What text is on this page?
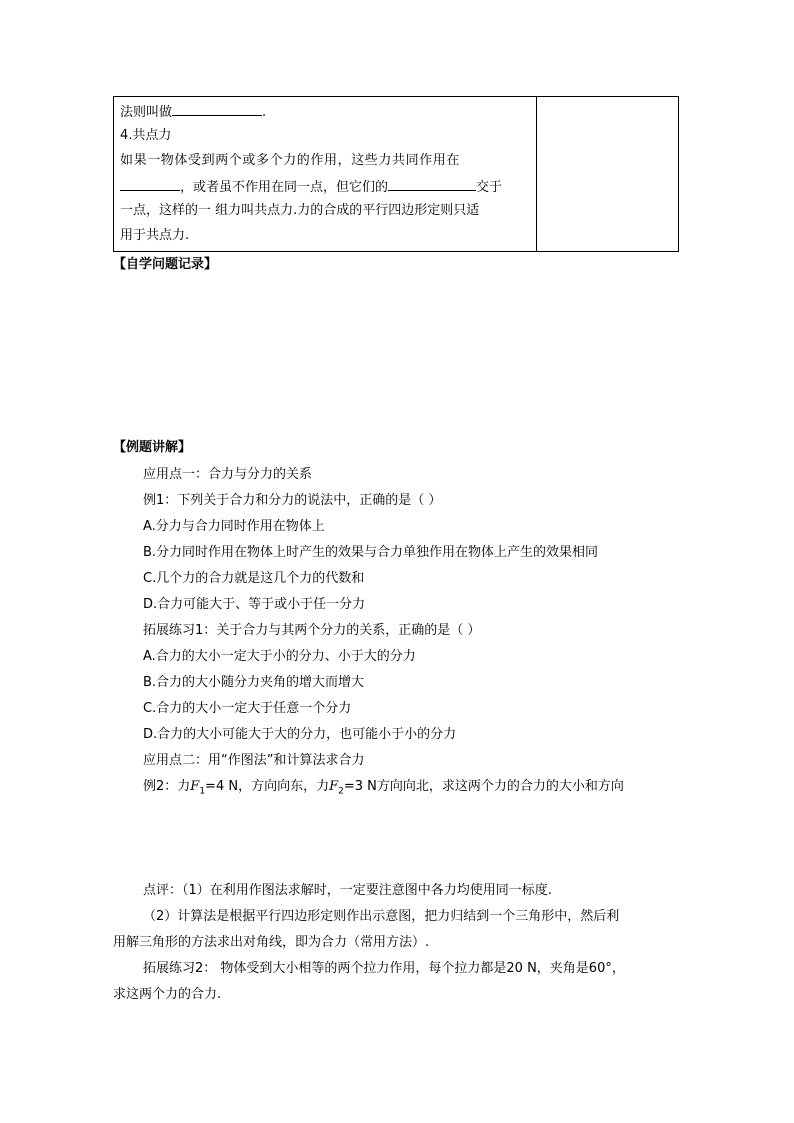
法则叫做	.
4.共点力
如果一物体受到两个或多个力的作用，这些力共同作用在
，或者虽不作用在同一点，但它们的	交于
一点，这样的一 组力叫共点力.力的合成的平行四边形定则只适
用于共点力.
【自学问题记录】
【例题讲解】
应用点一：合力与分力的关系
例1：下列关于合力和分力的说法中，正确的是（ ）
A.分力与合力同时作用在物体上
B.分力同时作用在物体上时产生的效果与合力单独作用在物体上产生的效果相同
C.几个力的合力就是这几个力的代数和
D.合力可能大于、等于或小于任一分力
拓展练习1：关于合力与其两个分力的关系，正确的是（ ）
A.合力的大小一定大于小的分力、小于大的分力
B.合力的大小随分力夹角的增大而增大
C.合力的大小一定大于任意一个分力
D.合力的大小可能大于大的分力，也可能小于小的分力
应用点二：用“作图法”和计算法求合力
例2：力$F_1=4$ N，方向向东，力$F_2=3$ N方向向北，求这两个力的合力的大小和方向
点评：（1）在利用作图法求解时，一定要注意图中各力均使用同一标度.
（2）计算法是根据平行四边形定则作出示意图，把力归结到一个三角形中，然后利
用解三角形的方法求出对角线，即为合力（常用方法）.
拓展练习2： 物体受到大小相等的两个拉力作用，每个拉力都是20 N，夹角是60°，
求这两个力的合力.
